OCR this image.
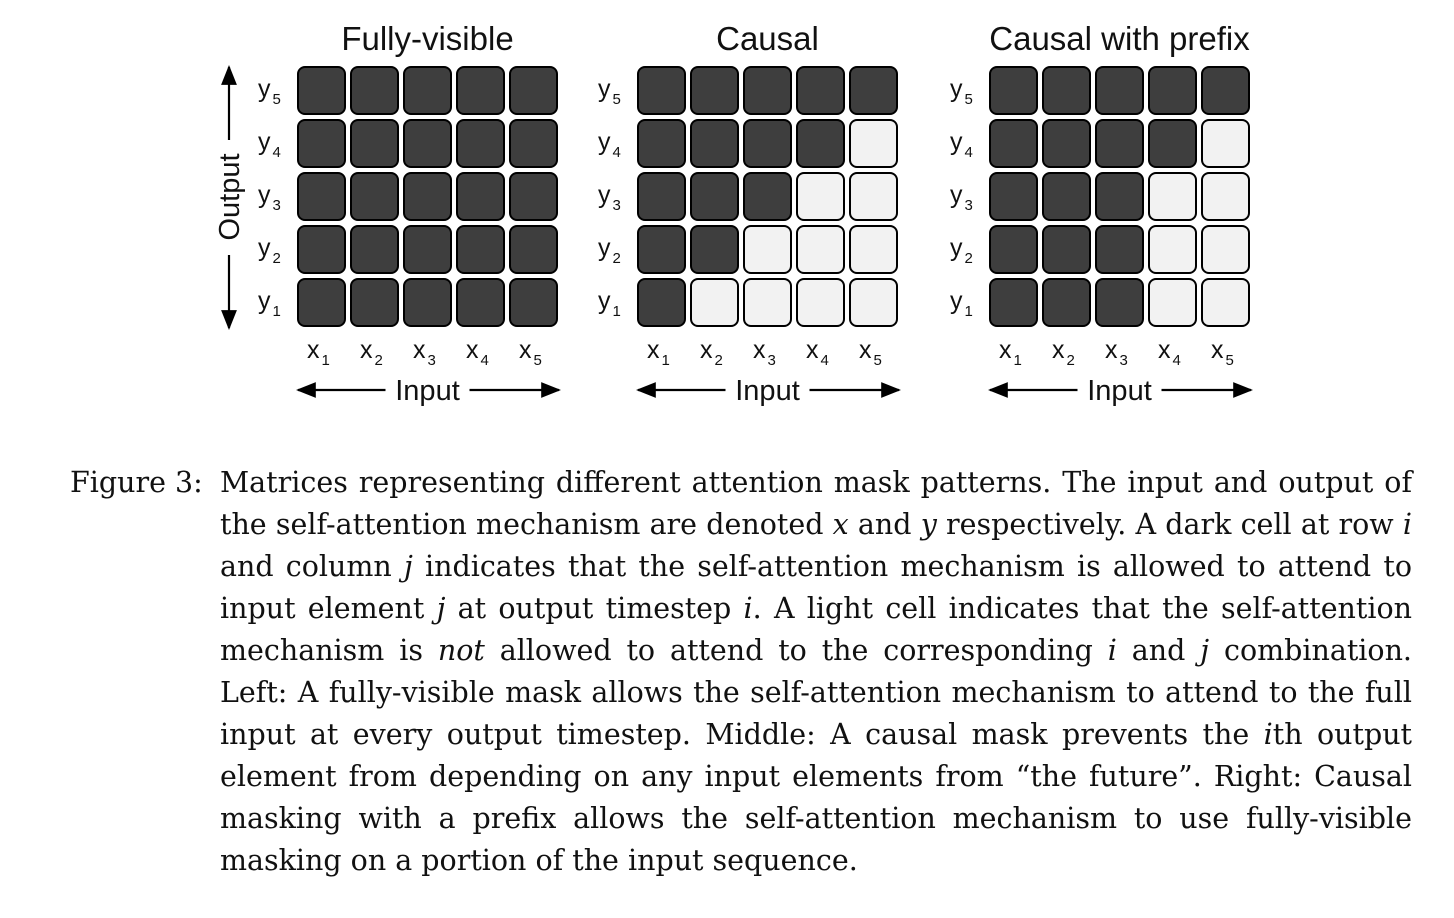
Fully-visible
y $_5$
y $_4$
y $_3$
y $_2$
y $_1$
x $_1$ x $_2$ x $_3$ x $_4$ x $_5$
Input
Causal
y $_5$
y $_4$
y $_3$
y $_2$
y $_1$
x $_1$ x $_2$ x $_3$ x $_4$ x $_5$
Input
Causal with prefix
y $_5$
y $_4$
y $_3$
y $_2$
y $_1$
x $_1$ x $_2$ x $_3$ x $_4$ x $_5$
Input
Output
Figure 3: Matrices representing different attention mask patterns. The input and output of the self-attention mechanism are denoted x and y respectively. A dark cell at row i and column j indicates that the self-attention mechanism is allowed to attend to input element j at output timestep i. A light cell indicates that the self-attention mechanism is not allowed to attend to the corresponding i and j combination. Left: A fully-visible mask allows the self-attention mechanism to attend to the full input at every output timestep. Middle: A causal mask prevents the ith output element from depending on any input elements from “the future”. Right: Causal masking with a prefix allows the self-attention mechanism to use fully-visible masking on a portion of the input sequence.
